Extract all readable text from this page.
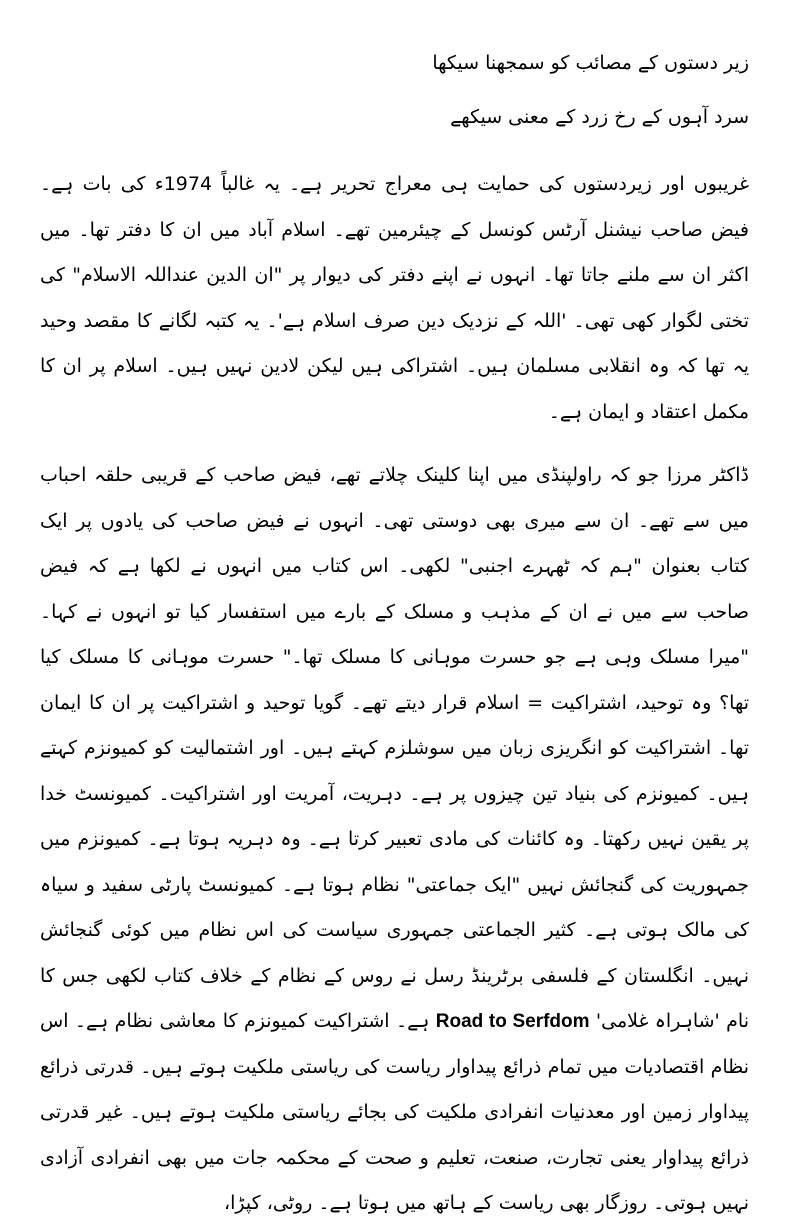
زیر دستوں کے مصائب کو سمجھنا سیکھا

سرد آہوں کے رخ زرد کے معنی سیکھے

غریبوں اور زیردستوں کی حمایت ہی معراج تحریر ہے۔ یہ غالباً 1974ء کی بات ہے۔ فیض صاحب نیشنل آرٹس کونسل کے چیئرمین تھے۔ اسلام آباد میں ان کا دفتر تھا۔ میں اکثر ان سے ملنے جاتا تھا۔ انہوں نے اپنے دفتر کی دیوار پر "ان الدین عنداللہ الاسلام" کی تختی لگوار کھی تھی۔ 'اللہ کے نزدیک دین صرف اسلام ہے'۔ یہ کتبہ لگانے کا مقصد وحید یہ تھا کہ وہ انقلابی مسلمان ہیں۔ اشتراکی ہیں لیکن لادین نہیں ہیں۔ اسلام پر ان کا مکمل اعتقاد و ایمان ہے۔

ڈاکٹر مرزا جو کہ راولپنڈی میں اپنا کلینک چلاتے تھے، فیض صاحب کے قریبی حلقہ احباب میں سے تھے۔ ان سے میری بھی دوستی تھی۔ انہوں نے فیض صاحب کی یادوں پر ایک کتاب بعنوان "ہم کہ ٹھہرے اجنبی" لکھی۔ اس کتاب میں انہوں نے لکھا ہے کہ فیض صاحب سے میں نے ان کے مذہب و مسلک کے بارے میں استفسار کیا تو انہوں نے کہا۔ "میرا مسلک وہی ہے جو حسرت موہانی کا مسلک تھا۔" حسرت موہانی کا مسلک کیا تھا؟ وہ توحید، اشتراکیت = اسلام قرار دیتے تھے۔ گویا توحید و اشتراکیت پر ان کا ایمان تھا۔ اشتراکیت کو انگریزی زبان میں سوشلزم کہتے ہیں۔ اور اشتمالیت کو کمیونزم کہتے ہیں۔ کمیونزم کی بنیاد تین چیزوں پر ہے۔ دہریت، آمریت اور اشتراکیت۔ کمیونسٹ خدا پر یقین نہیں رکھتا۔ وہ کائنات کی مادی تعبیر کرتا ہے۔ وہ دہریہ ہوتا ہے۔ کمیونزم میں جمہوریت کی گنجائش نہیں "ایک جماعتی" نظام ہوتا ہے۔ کمیونسٹ پارٹی سفید و سیاہ کی مالک ہوتی ہے۔ کثیر الجماعتی جمہوری سیاست کی اس نظام میں کوئی گنجائش نہیں۔ انگلستان کے فلسفی برٹرینڈ رسل نے روس کے نظام کے خلاف کتاب لکھی جس کا نام 'شاہراہ غلامی' Road to Serfdom ہے۔ اشتراکیت کمیونزم کا معاشی نظام ہے۔ اس نظام اقتصادیات میں تمام ذرائع پیداوار ریاست کی ریاستی ملکیت ہوتے ہیں۔ قدرتی ذرائع پیداوار زمین اور معدنیات انفرادی ملکیت کی بجائے ریاستی ملکیت ہوتے ہیں۔ غیر قدرتی ذرائع پیداوار یعنی تجارت، صنعت، تعلیم و صحت کے محکمہ جات میں بھی انفرادی آزادی نہیں ہوتی۔ روزگار بھی ریاست کے ہاتھ میں ہوتا ہے۔ روٹی، کپڑا،
